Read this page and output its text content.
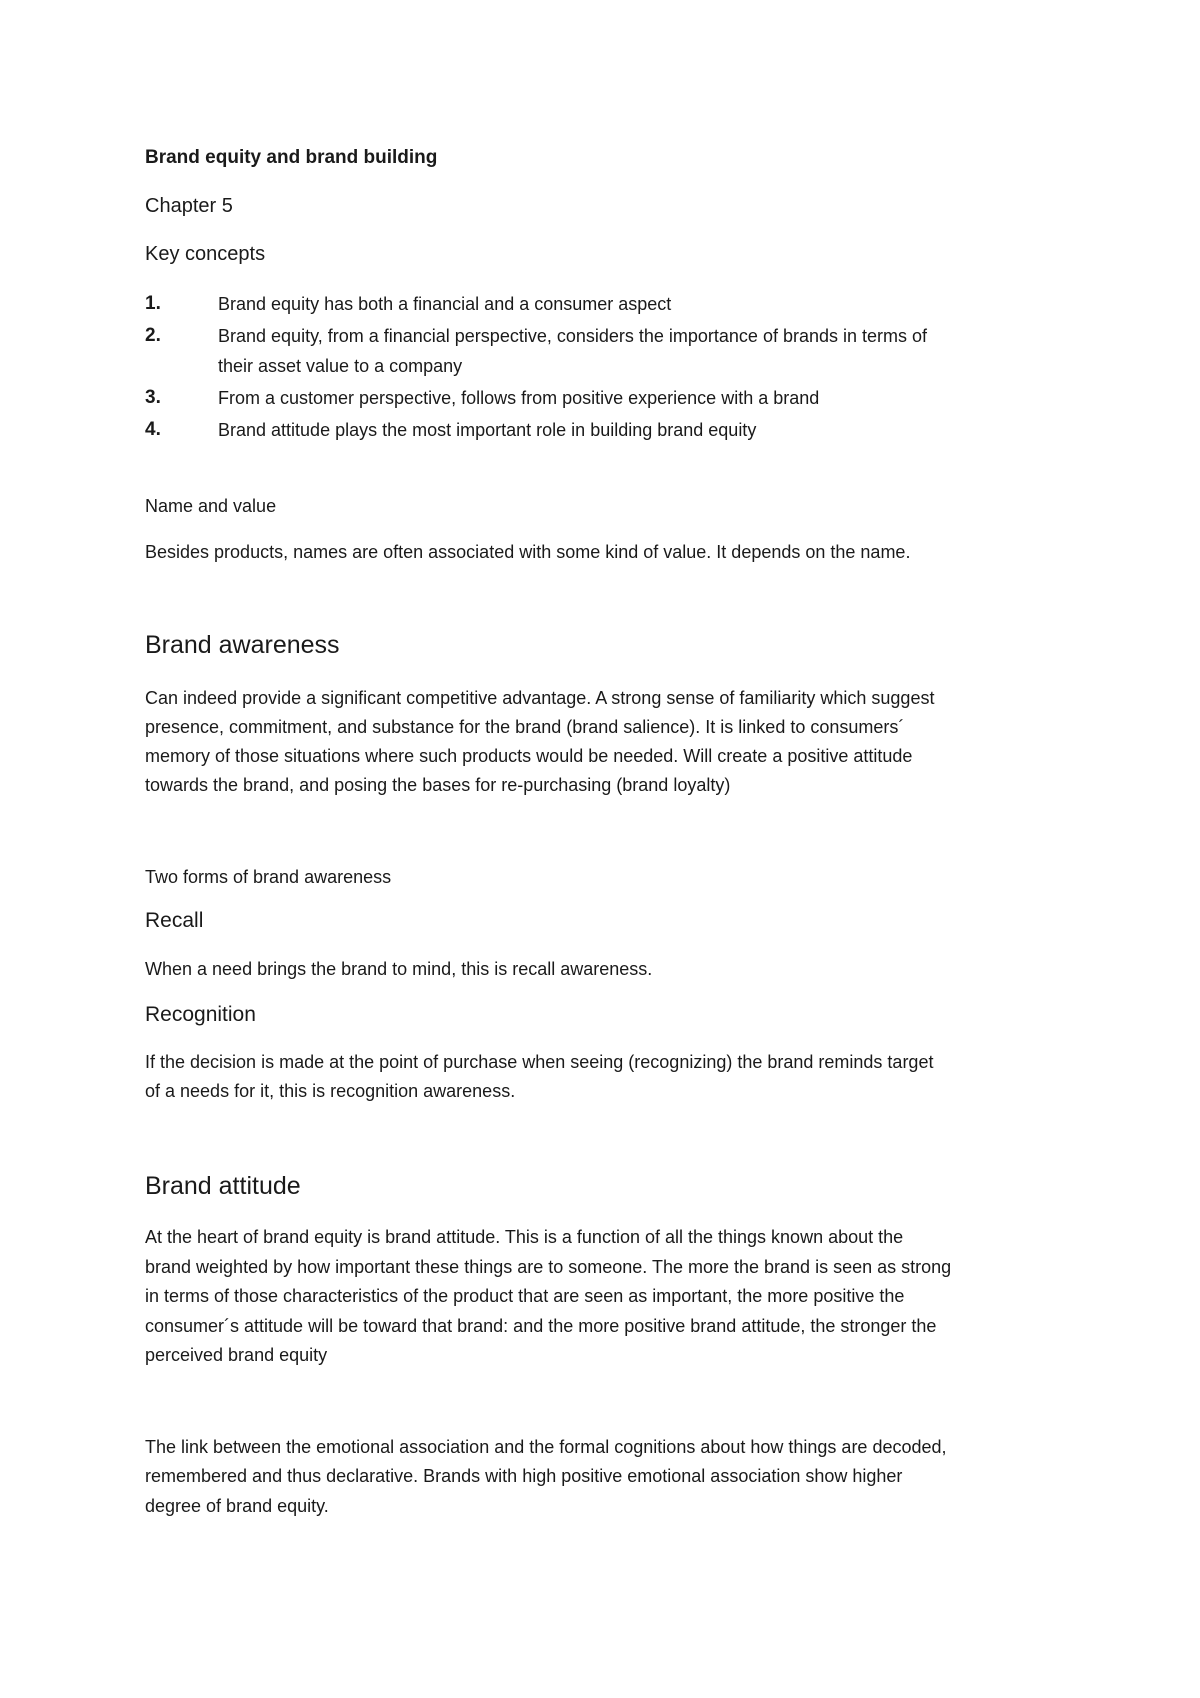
Brand equity and brand building
Chapter 5
Key concepts
1.	Brand equity has both a financial and a consumer aspect
2.	Brand equity, from a financial perspective, considers the importance of brands in terms of
their asset value to a company
3.	From a customer perspective, follows from positive experience with a brand
4.	Brand attitude plays the most important role in building brand equity
Name and value
Besides products, names are often associated with some kind of value. It depends on the name.
Brand awareness
Can indeed provide a significant competitive advantage. A strong sense of familiarity which suggest
presence, commitment, and substance for the brand (brand salience). It is linked to consumers´
memory of those situations where such products would be needed. Will create a positive attitude
towards the brand, and posing the bases for re-purchasing (brand loyalty)
Two forms of brand awareness
Recall
When a need brings the brand to mind, this is recall awareness.
Recognition
If the decision is made at the point of purchase when seeing (recognizing) the brand reminds target
of a needs for it, this is recognition awareness.
Brand attitude
At the heart of brand equity is brand attitude. This is a function of all the things known about the
brand weighted by how important these things are to someone. The more the brand is seen as strong
in terms of those characteristics of the product that are seen as important, the more positive the
consumer´s attitude will be toward that brand: and the more positive brand attitude, the stronger the
perceived brand equity
The link between the emotional association and the formal cognitions about how things are decoded,
remembered and thus declarative. Brands with high positive emotional association show higher
degree of brand equity.
